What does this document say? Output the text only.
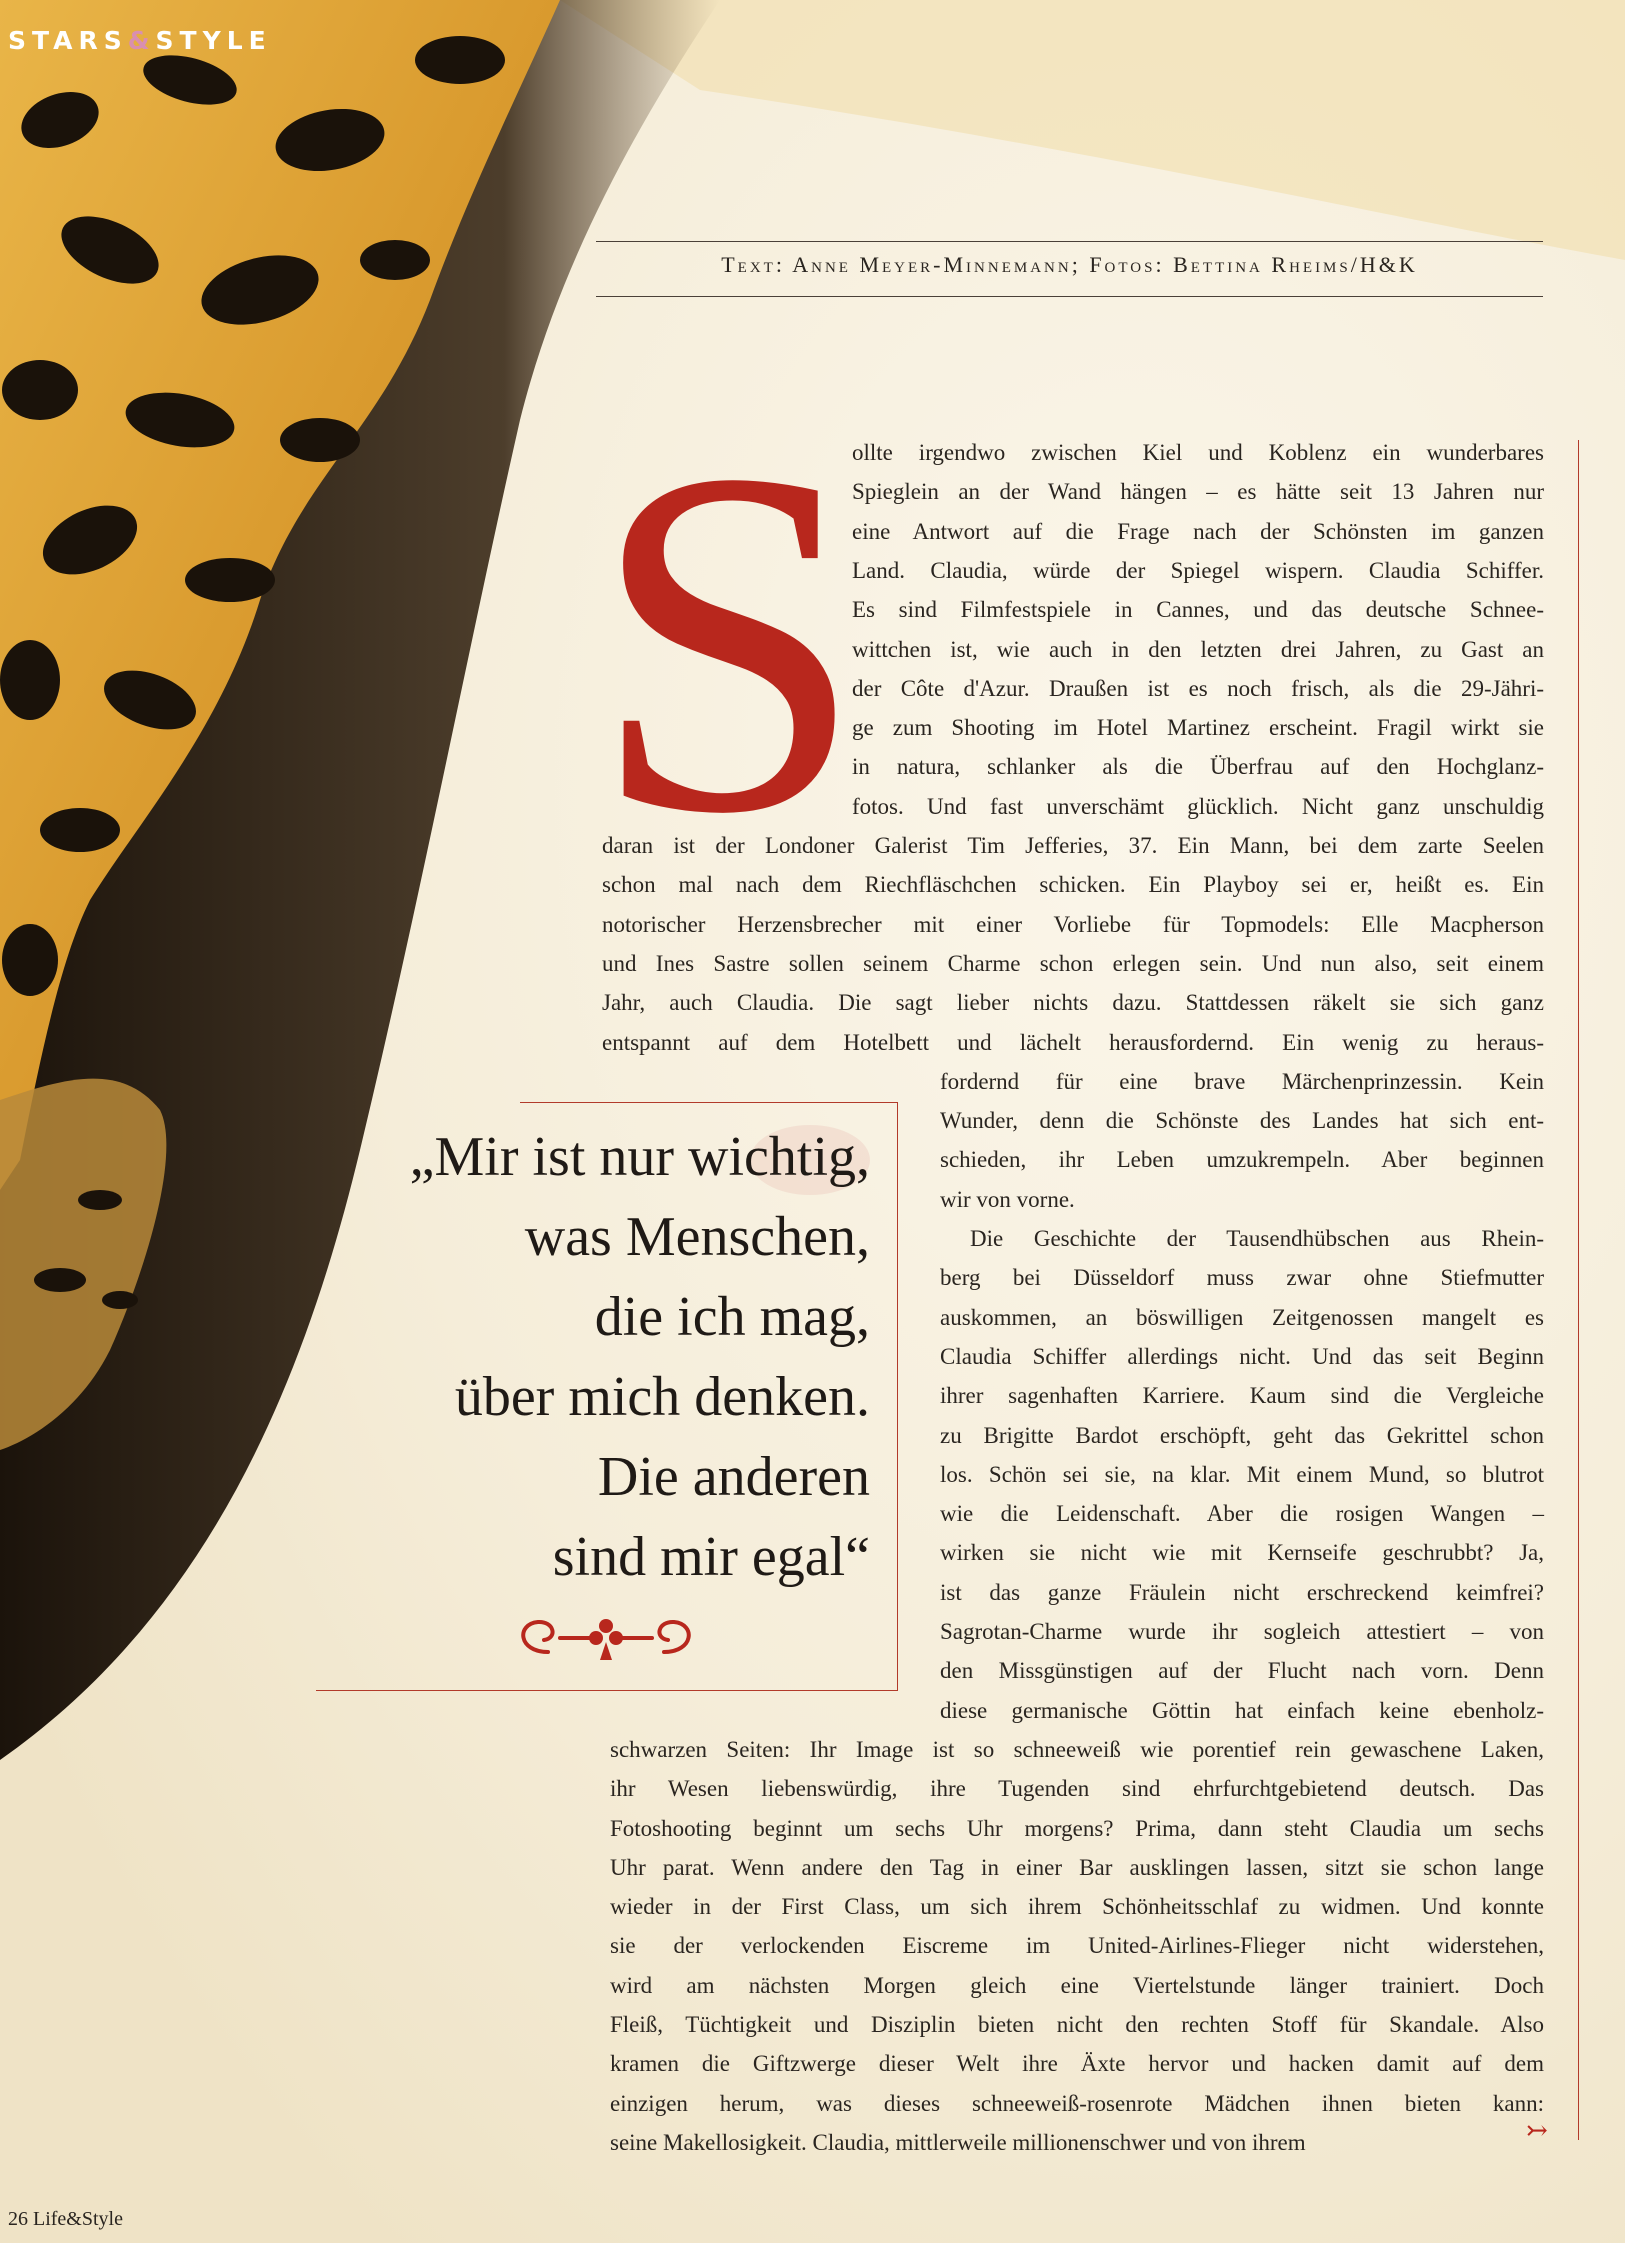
STARS&STYLE
Text: Anne Meyer-Minnemann; Fotos: Bettina Rheims/H&K
S
ollte irgendwo zwischen Kiel und Koblenz ein wunderbares
Spieglein an der Wand hängen – es hätte seit 13 Jahren nur
eine Antwort auf die Frage nach der Schönsten im ganzen
Land. Claudia, würde der Spiegel wispern. Claudia Schiffer.
Es sind Filmfestspiele in Cannes, und das deutsche Schnee-
wittchen ist, wie auch in den letzten drei Jahren, zu Gast an
der Côte d'Azur. Draußen ist es noch frisch, als die 29-Jähri-
ge zum Shooting im Hotel Martinez erscheint. Fragil wirkt sie
in natura, schlanker als die Überfrau auf den Hochglanz-
fotos. Und fast unverschämt glücklich. Nicht ganz unschuldig
daran ist der Londoner Galerist Tim Jefferies, 37. Ein Mann, bei dem zarte Seelen
schon mal nach dem Riechfläschchen schicken. Ein Playboy sei er, heißt es. Ein
notorischer Herzensbrecher mit einer Vorliebe für Topmodels: Elle Macpherson
und Ines Sastre sollen seinem Charme schon erlegen sein. Und nun also, seit einem
Jahr, auch Claudia. Die sagt lieber nichts dazu. Stattdessen räkelt sie sich ganz
entspannt auf dem Hotelbett und lächelt herausfordernd. Ein wenig zu heraus-
fordernd für eine brave Märchenprinzessin. Kein
Wunder, denn die Schönste des Landes hat sich ent-
schieden, ihr Leben umzukrempeln. Aber beginnen
wir von vorne.
Die Geschichte der Tausendhübschen aus Rhein-
berg bei Düsseldorf muss zwar ohne Stiefmutter
auskommen, an böswilligen Zeitgenossen mangelt es
Claudia Schiffer allerdings nicht. Und das seit Beginn
ihrer sagenhaften Karriere. Kaum sind die Vergleiche
zu Brigitte Bardot erschöpft, geht das Gekrittel schon
los. Schön sei sie, na klar. Mit einem Mund, so blutrot
wie die Leidenschaft. Aber die rosigen Wangen –
wirken sie nicht wie mit Kernseife geschrubbt? Ja,
ist das ganze Fräulein nicht erschreckend keimfrei?
Sagrotan-Charme wurde ihr sogleich attestiert – von
den Missgünstigen auf der Flucht nach vorn. Denn
diese germanische Göttin hat einfach keine ebenholz-
schwarzen Seiten: Ihr Image ist so schneeweiß wie porentief rein gewaschene Laken,
ihr Wesen liebenswürdig, ihre Tugenden sind ehrfurchtgebietend deutsch. Das
Fotoshooting beginnt um sechs Uhr morgens? Prima, dann steht Claudia um sechs
Uhr parat. Wenn andere den Tag in einer Bar ausklingen lassen, sitzt sie schon lange
wieder in der First Class, um sich ihrem Schönheitsschlaf zu widmen. Und konnte
sie der verlockenden Eiscreme im United-Airlines-Flieger nicht widerstehen,
wird am nächsten Morgen gleich eine Viertelstunde länger trainiert. Doch
Fleiß, Tüchtigkeit und Disziplin bieten nicht den rechten Stoff für Skandale. Also
kramen die Giftzwerge dieser Welt ihre Äxte hervor und hacken damit auf dem
einzigen herum, was dieses schneeweiß-rosenrote Mädchen ihnen bieten kann:
seine Makellosigkeit. Claudia, mittlerweile millionenschwer und von ihrem
„Mir ist nur wichtig,
was Menschen,
die ich mag,
über mich denken.
Die anderen
sind mir egal“
↣
26 Life&Style
